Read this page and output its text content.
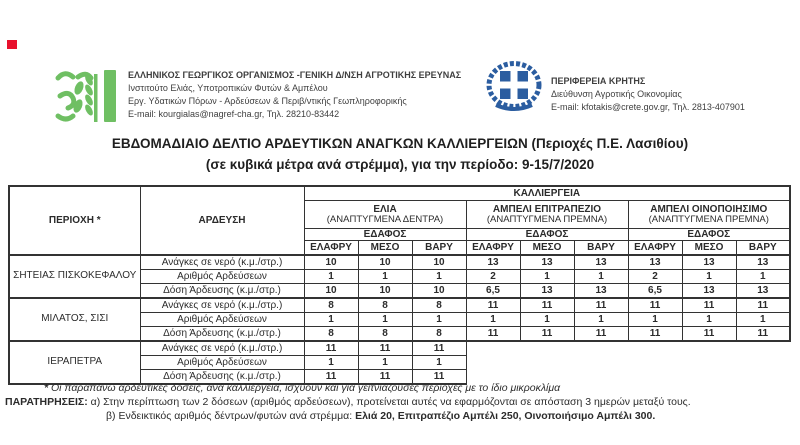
ΕΛΛΗΝΙΚΟΣ ΓΕΩΡΓΙΚΟΣ ΟΡΓΑΝΙΣΜΟΣ -ΓΕΝΙΚΗ Δ/ΝΣΗ ΑΓΡΟΤΙΚΗΣ ΕΡΕΥΝΑΣ
Ινστιτούτο Ελιάς, Υποτροπικών Φυτών & Αμπέλου
Εργ. Υδατικών Πόρων - Αρδεύσεων & Περιβ/ντικής Γεωπληροφορικής
E-mail: kourgialas@nagref-cha.gr, Τηλ. 28210-83442
ΠΕΡΙΦΕΡΕΙΑ ΚΡΗΤΗΣ
Διεύθυνση Αγροτικής Οικονομίας
E-mail: kfotakis@crete.gov.gr, Τηλ. 2813-407901
ΕΒΔΟΜΑΔΙΑΙΟ ΔΕΛΤΙΟ ΑΡΔΕΥΤΙΚΩΝ ΑΝΑΓΚΩΝ ΚΑΛΛΙΕΡΓΕΙΩΝ (Περιοχές Π.Ε. Λασιθίου)
(σε κυβικά μέτρα ανά στρέμμα), για την περίοδο: 9-15/7/2020
ΠΕΡΙΟΧΗ *	ΑΡΔΕΥΣΗ	ΚΑΛΛΙΕΡΓΕΙΑ								

ΕΛΙΑ
(ΑΝΑΠΤΥΓΜΕΝΑ ΔΕΝΤΡΑ)

ΑΜΠΕΛΙ ΕΠΙΤΡΑΠΕΖΙΟ
(ΑΝΑΠΤΥΓΜΕΝΑ ΠΡΕΜΝΑ)

ΑΜΠΕΛΙ ΟΙΝΟΠΟΙΗΣΙΜΟ
(ΑΝΑΠΤΥΓΜΕΝΑ ΠΡΕΜΝΑ)

		ΕΔΑΦΟΣ			ΕΔΑΦΟΣ			ΕΔΑΦΟΣ		
		ΕΛΑΦΡΥ	ΜΕΣΟ	ΒΑΡΥ	ΕΛΑΦΡΥ	ΜΕΣΟ	ΒΑΡΥ	ΕΛΑΦΡΥ	ΜΕΣΟ	ΒΑΡΥ
ΣΗΤΕΙΑΣ ΠΙΣΚΟΚΕΦΑΛΟΥ	Ανάγκες σε νερό (κ.μ./στρ.)	10	10	10	13	13	13	13	13	13
	Αριθμός Αρδεύσεων	1	1	1	2	1	1	2	1	1
	Δόση Άρδευσης (κ.μ./στρ.)	10	10	10	6,5	13	13	6,5	13	13
ΜΙΛΑΤΟΣ, ΣΙΣΙ	Ανάγκες σε νερό (κ.μ./στρ.)	8	8	8	11	11	11	11	11	11
	Αριθμός Αρδεύσεων	1	1	1	1	1	1	1	1	1
	Δόση Άρδευσης (κ.μ./στρ.)	8	8	8	11	11	11	11	11	11
ΙΕΡΑΠΕΤΡΑ	Ανάγκες σε νερό (κ.μ./στρ.)	11	11	11						
	Αριθμός Αρδεύσεων	1	1	1						
	Δόση Άρδευσης (κ.μ./στρ.)	11	11	11						
* Οι παραπάνω αρδευτικές δόσεις, ανά καλλιέργεια, ισχύουν και για γειτνιάζουσες περιοχές με το ίδιο μικροκλίμα
ΠΑΡΑΤΗΡΗΣΕΙΣ: α) Στην περίπτωση των 2 δόσεων (αριθμός αρδεύσεων), προτείνεται αυτές να εφαρμόζονται σε απόσταση 3 ημερών μεταξύ τους.
β) Ενδεικτικός αριθμός δέντρων/φυτών ανά στρέμμα: Ελιά 20, Επιτραπέζιο Αμπέλι 250, Οινοποιήσιμο Αμπέλι 300.
